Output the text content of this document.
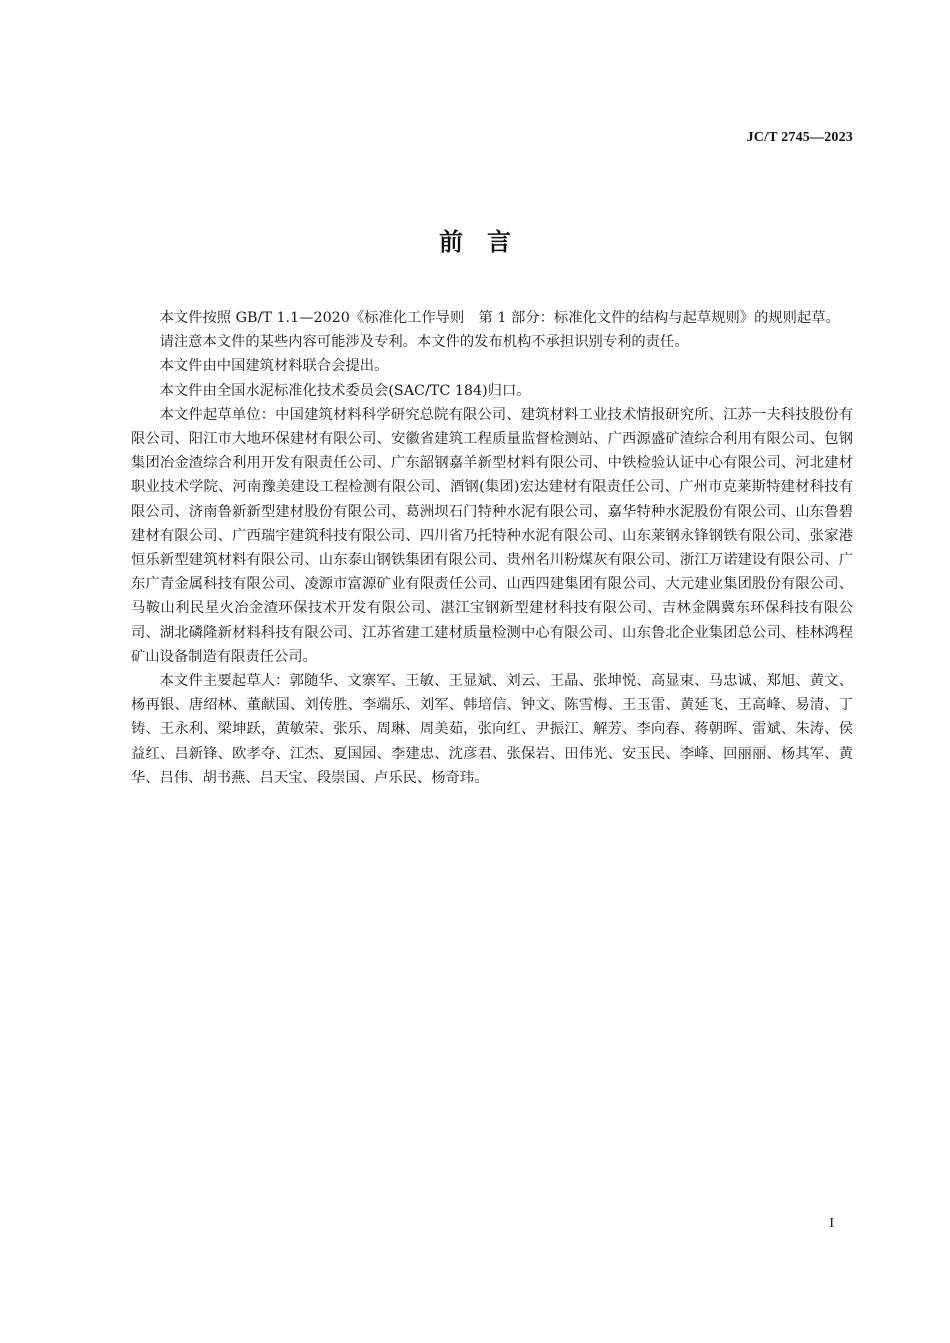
JC/T 2745—2023
前言

本文件按照 GB/T 1.1—2020《标准化工作导则　第 1 部分：标准化文件的结构与起草规则》的规则起草。

请注意本文件的某些内容可能涉及专利。本文件的发布机构不承担识别专利的责任。

本文件由中国建筑材料联合会提出。

本文件由全国水泥标准化技术委员会(SAC/TC 184)归口。

本文件起草单位：中国建筑材料科学研究总院有限公司、建筑材料工业技术情报研究所、江苏一夫科技股份有限公司、阳江市大地环保建材有限公司、安徽省建筑工程质量监督检测站、广西源盛矿渣综合利用有限公司、包钢集团冶金渣综合利用开发有限责任公司、广东韶钢嘉羊新型材料有限公司、中铁检验认证中心有限公司、河北建材职业技术学院、河南豫美建设工程检测有限公司、酒钢(集团)宏达建材有限责任公司、广州市克莱斯特建材科技有限公司、济南鲁新新型建材股份有限公司、葛洲坝石门特种水泥有限公司、嘉华特种水泥股份有限公司、山东鲁碧建材有限公司、广西瑞宇建筑科技有限公司、四川省乃托特种水泥有限公司、山东莱钢永锋钢铁有限公司、张家港恒乐新型建筑材料有限公司、山东泰山钢铁集团有限公司、贵州名川粉煤灰有限公司、浙江万诺建设有限公司、广东广青金属科技有限公司、凌源市富源矿业有限责任公司、山西四建集团有限公司、大元建业集团股份有限公司、马鞍山利民星火冶金渣环保技术开发有限公司、湛江宝钢新型建材科技有限公司、吉林金隅冀东环保科技有限公司、湖北磷隆新材料科技有限公司、江苏省建工建材质量检测中心有限公司、山东鲁北企业集团总公司、桂林鸿程矿山设备制造有限责任公司。

本文件主要起草人：郭随华、文寨军、王敏、王显斌、刘云、王晶、张坤悦、高显束、马忠诚、郑旭、黄文、杨再银、唐绍林、董献国、刘传胜、李端乐、刘军、韩培信、钟文、陈雪梅、王玉雷、黄延飞、王高峰、易清、丁铸、王永利、梁坤跃，黄敏荣、张乐、周琳、周美茹，张向红、尹振江、解芳、李向春、蒋朝晖、雷斌、朱涛、侯益红、吕新锋、欧孝夺、江杰、夏国园、李建忠、沈彦君、张保岩、田伟光、安玉民、李峰、回丽丽、杨其军、黄华、吕伟、胡书燕、吕天宝、段崇国、卢乐民、杨奇玮。

I
